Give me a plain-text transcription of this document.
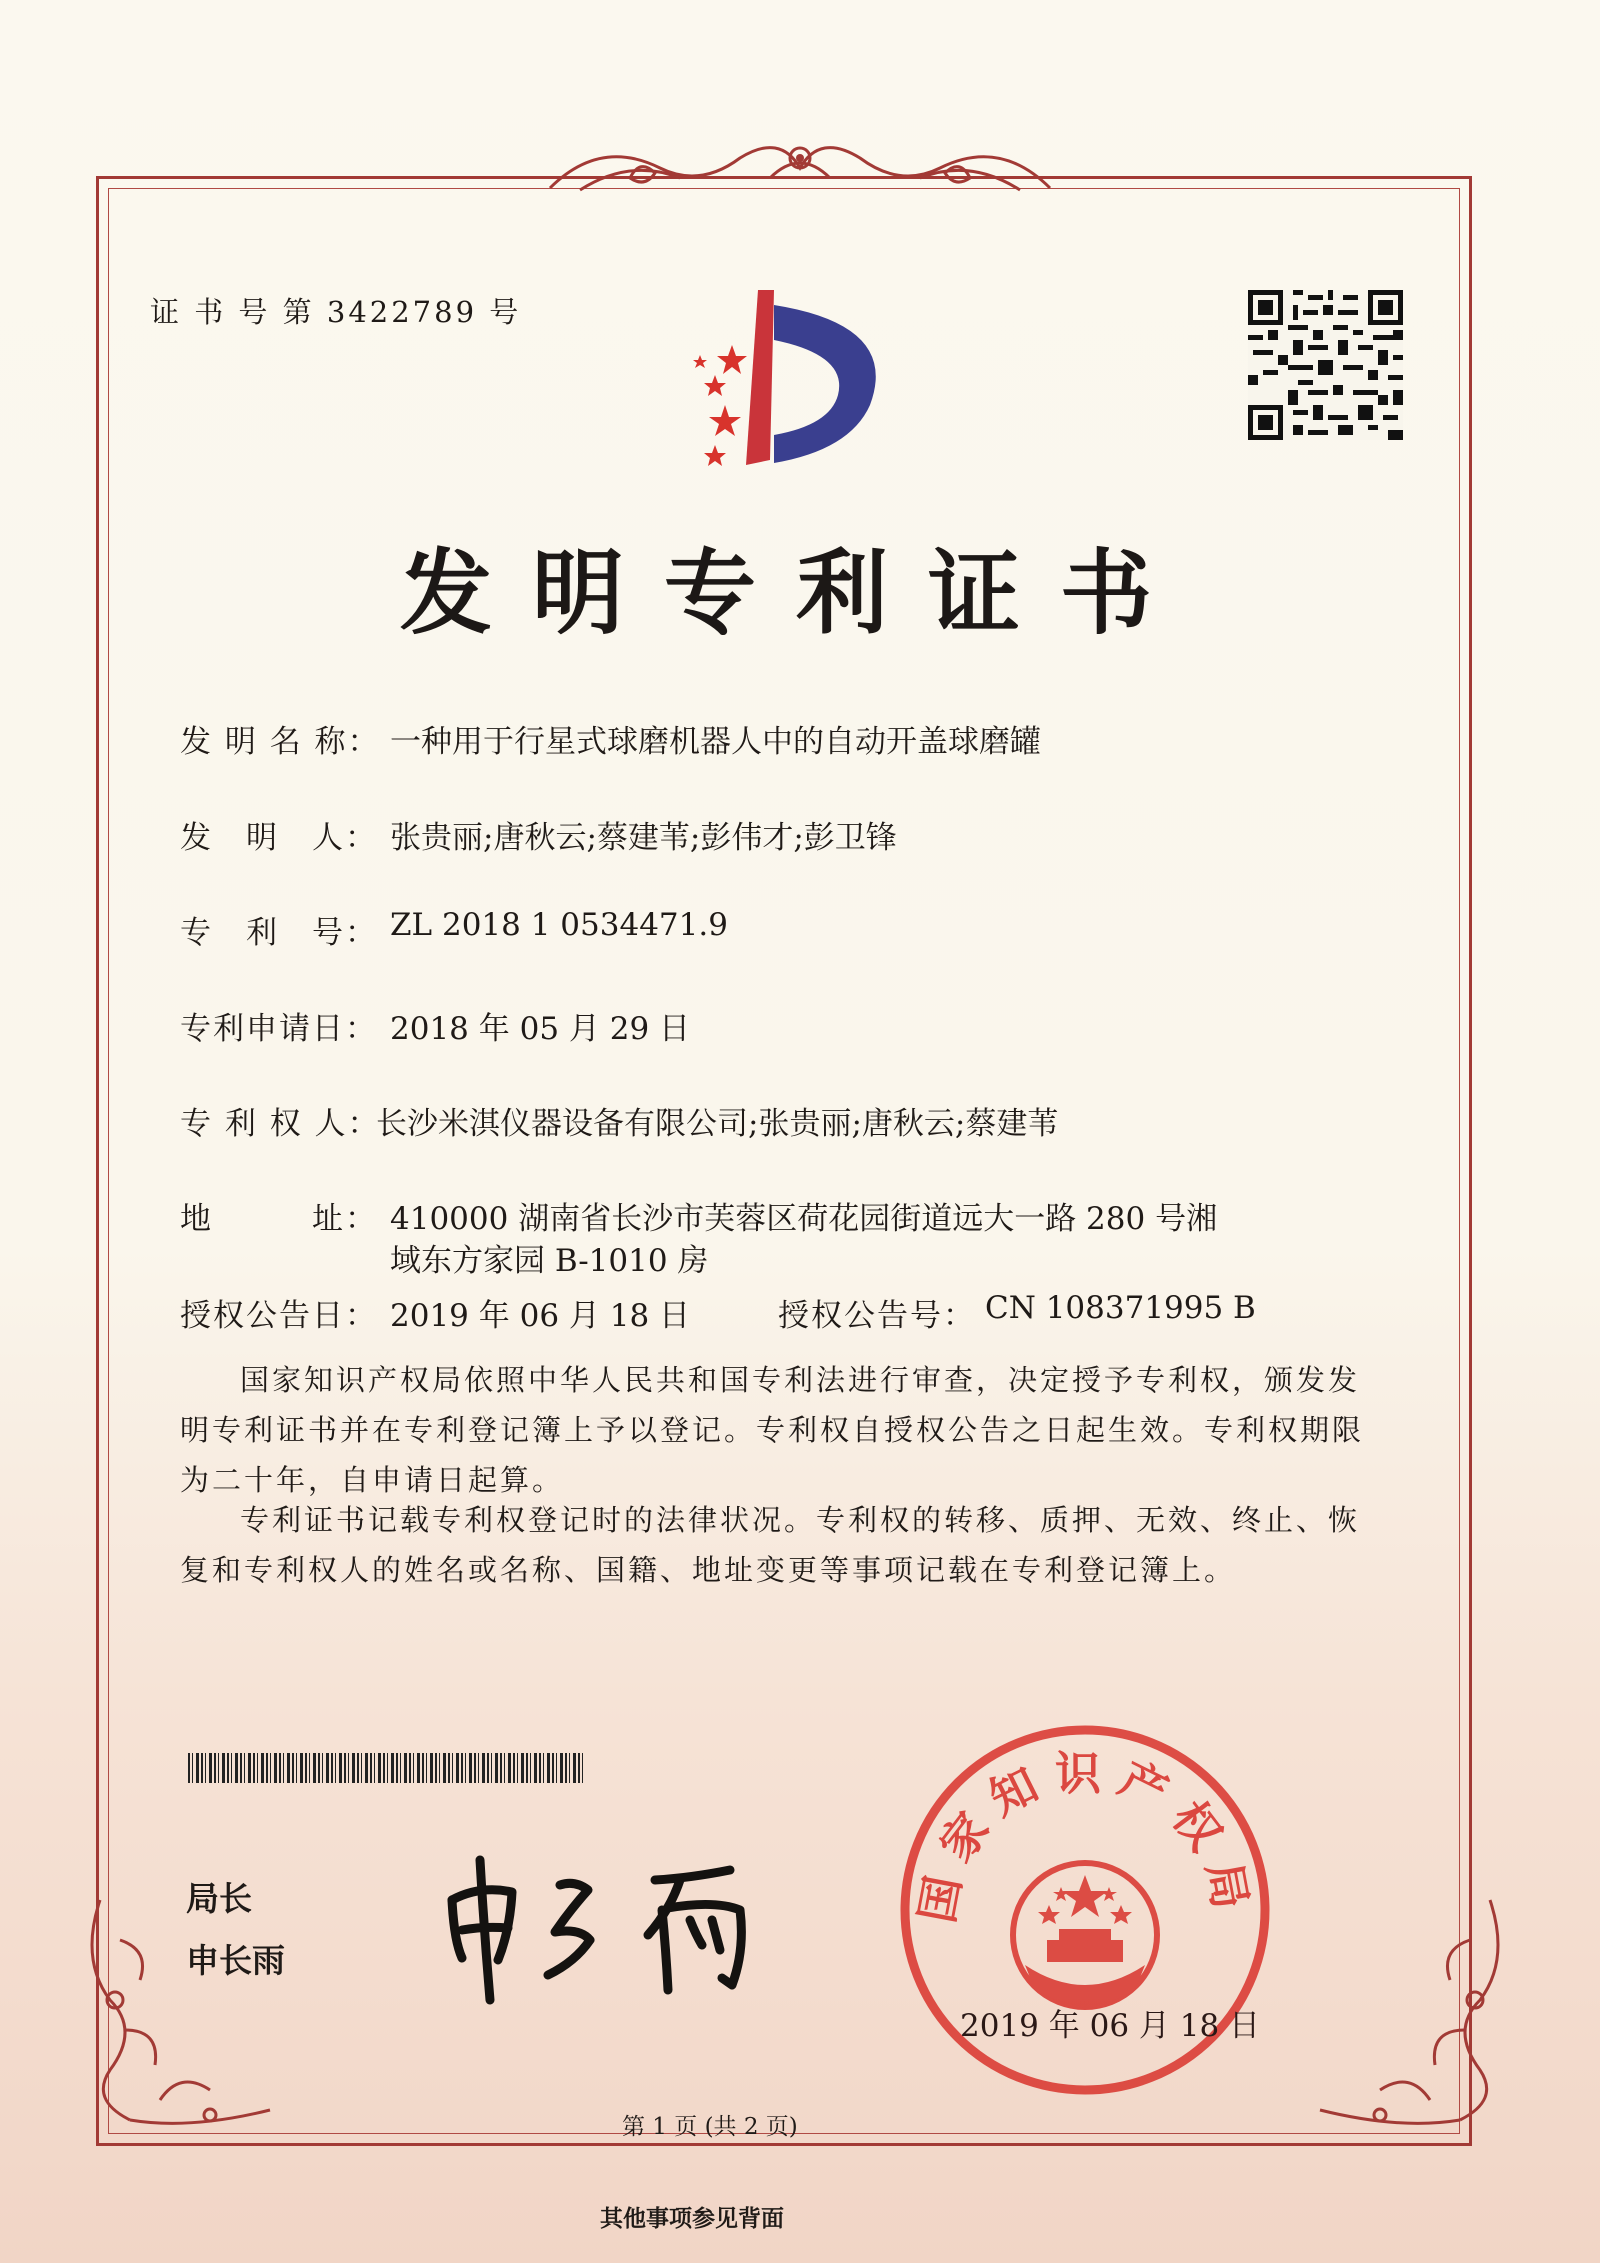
证 书 号 第 3422789 号
发明专利证书
发 明 名 称： 一种用于行星式球磨机器人中的自动开盖球磨罐
发　明　人： 张贵丽;唐秋云;蔡建苇;彭伟才;彭卫锋
专　利　号： ZL 2018 1 0534471.9
专利申请日： 2018 年 05 月 29 日
专 利 权 人：
长沙米淇仪器设备有限公司;张贵丽;唐秋云;蔡建苇
地　　　址： 410000 湖南省长沙市芙蓉区荷花园街道远大一路 280 号湘
域东方家园 B-1010 房
授权公告日： 2019 年 06 月 18 日	授权公告号： CN 108371995 B
国家知识产权局依照中华人民共和国专利法进行审查，决定授予专利权，颁发发明专利证书并在专利登记簿上予以登记。专利权自授权公告之日起生效。专利权期限为二十年，自申请日起算。
专利证书记载专利权登记时的法律状况。专利权的转移、质押、无效、终止、恢复和专利权人的姓名或名称、国籍、地址变更等事项记载在专利登记簿上。
局长
申长雨
国家知识产权局
2019 年 06 月 18 日
第 1 页 (共 2 页)
其他事项参见背面
